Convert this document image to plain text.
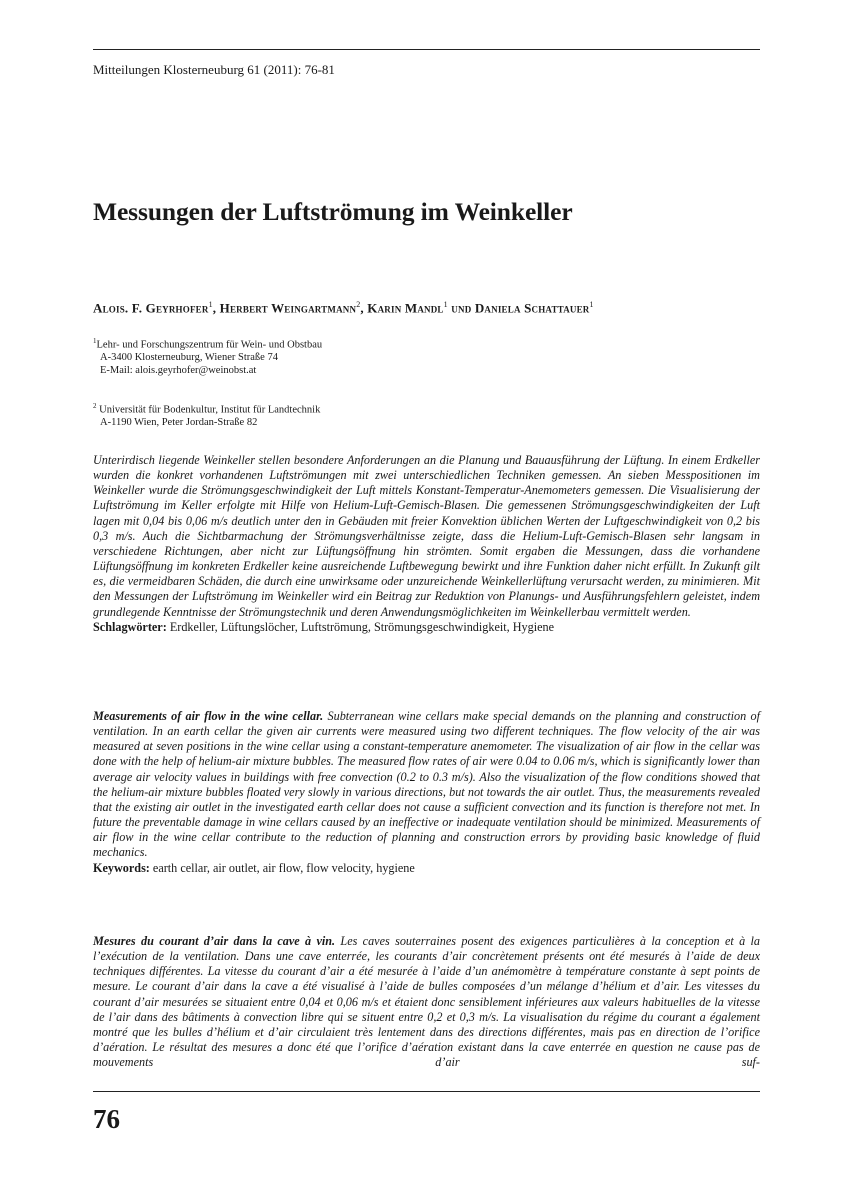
Mitteilungen Klosterneuburg 61 (2011): 76-81
Messungen der Luftströmung im Weinkeller
Alois. F. Geyrhofer$^1$, Herbert Weingartmann$^2$, Karin Mandl$^1$ und Daniela Schattauer$^1$
$^1$Lehr- und Forschungszentrum für Wein- und Obstbau
A-3400 Klosterneuburg, Wiener Straße 74
E-Mail: alois.geyrhofer@weinobst.at
$^2$ Universität für Bodenkultur, Institut für Landtechnik
A-1190 Wien, Peter Jordan-Straße 82

Unterirdisch liegende Weinkeller stellen besondere Anforderungen an die Planung und Bauausführung der Lüftung. In einem Erdkeller wurden die konkret vorhandenen Luftströmungen mit zwei unterschiedlichen Techniken gemessen. An sieben Messpositionen im Weinkeller wurde die Strömungsgeschwindigkeit der Luft mittels Konstant-Temperatur-Anemometers gemessen. Die Visualisierung der Luftströmung im Keller erfolgte mit Hilfe von Helium-Luft-Gemisch-Blasen. Die gemessenen Strömungsgeschwindigkeiten der Luft lagen mit 0,04 bis 0,06 m/s deutlich unter den in Gebäuden mit freier Konvektion üblichen Werten der Luftgeschwindigkeit von 0,2 bis 0,3 m/s. Auch die Sichtbarmachung der Strömungsverhältnisse zeigte, dass die Helium-Luft-Gemisch-Blasen sehr langsam in verschiedene Richtungen, aber nicht zur Lüftungsöffnung hin strömten. Somit ergaben die Messungen, dass die vorhandene Lüftungsöffnung im konkreten Erdkeller keine ausreichende Luftbewegung bewirkt und ihre Funktion daher nicht erfüllt. In Zukunft gilt es, die vermeidbaren Schäden, die durch eine unwirksame oder unzureichende Weinkellerlüftung verursacht werden, zu minimieren. Mit den Messungen der Luftströmung im Weinkeller wird ein Beitrag zur Reduktion von Planungs- und Ausführungsfehlern geleistet, indem grundlegende Kenntnisse der Strömungstechnik und deren Anwendungsmöglichkeiten im Weinkellerbau vermittelt werden.

Schlagwörter: Erdkeller, Lüftungslöcher, Luftströmung, Strömungsgeschwindigkeit, Hygiene

Measurements of air flow in the wine cellar. Subterranean wine cellars make special demands on the planning and construction of ventilation. In an earth cellar the given air currents were measured using two different techniques. The flow velocity of the air was measured at seven positions in the wine cellar using a constant-temperature anemometer. The visualization of air flow in the cellar was done with the help of helium-air mixture bubbles. The measured flow rates of air were 0.04 to 0.06 m/s, which is significantly lower than average air velocity values in buildings with free convection (0.2 to 0.3 m/s). Also the visualization of the flow conditions showed that the helium-air mixture bubbles floated very slowly in various directions, but not towards the air outlet. Thus, the measurements revealed that the existing air outlet in the investigated earth cellar does not cause a sufficient convection and its function is therefore not met. In future the preventable damage in wine cellars caused by an ineffective or inadequate ventilation should be minimized. Measurements of air flow in the wine cellar contribute to the reduction of planning and construction errors by providing basic knowledge of fluid mechanics.

Keywords: earth cellar, air outlet, air flow, flow velocity, hygiene

Mesures du courant d’air dans la cave à vin. Les caves souterraines posent des exigences particulières à la conception et à la l’exécution de la ventilation. Dans une cave enterrée, les courants d’air concrètement présents ont été mesurés à l’aide de deux techniques différentes. La vitesse du courant d’air a été mesurée à l’aide d’un anémomètre à température constante à sept points de mesure. Le courant d’air dans la cave a été visualisé à l’aide de bulles composées d’un mélange d’hélium et d’air. Les vitesses du courant d’air mesurées se situaient entre 0,04 et 0,06 m/s et étaient donc sensiblement inférieures aux valeurs habituelles de la vitesse de l’air dans des bâtiments à convection libre qui se situent entre 0,2 et 0,3 m/s. La visualisation du régime du courant a également montré que les bulles d’hélium et d’air circulaient très lentement dans des directions différentes, mais pas en direction de l’orifice d’aération. Le résultat des mesures a donc été que l’orifice d’aération existant dans la cave enterrée en question ne cause pas de mouvements d’air suf-

76
